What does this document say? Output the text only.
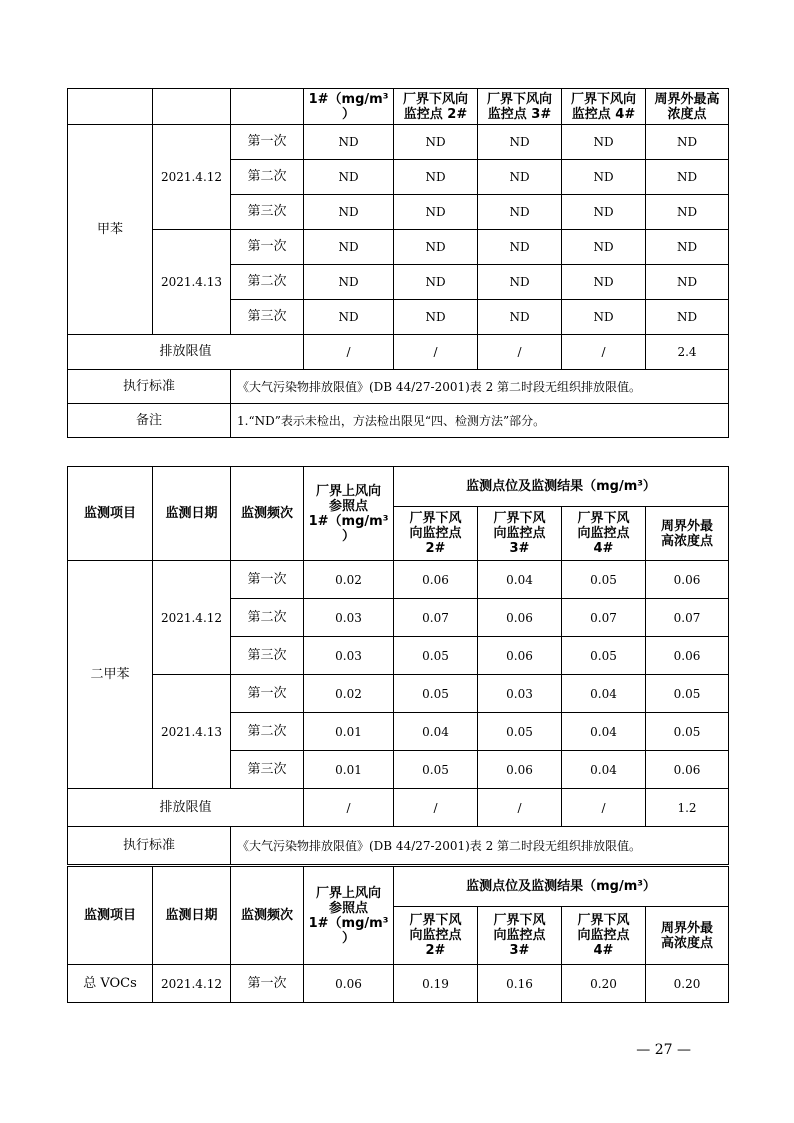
			1#（mg/m³
）	厂界下风向
监控点 2#	厂界下风向
监控点 3#	厂界下风向
监控点 4#	周界外最高
浓度点
甲苯	2021.4.12	第一次	ND	ND	ND	ND	ND
		第二次	ND	ND	ND	ND	ND
		第三次	ND	ND	ND	ND	ND
	2021.4.13	第一次	ND	ND	ND	ND	ND
		第二次	ND	ND	ND	ND	ND
		第三次	ND	ND	ND	ND	ND
排放限值			/	/	/	/	2.4
执行标准		《大气污染物排放限值》(DB 44/27-2001)表 2 第二时段无组织排放限值。					
备注		1.“ND”表示未检出，方法检出限见“四、检测方法”部分。					
监测项目	监测日期	监测频次	厂界上风向
参照点
1#（mg/m³
）	监测点位及监测结果（mg/m³）			
				厂界下风
向监控点
2#	厂界下风
向监控点
3#	厂界下风
向监控点
4#	周界外最
高浓度点
二甲苯	2021.4.12	第一次	0.02	0.06	0.04	0.05	0.06
		第二次	0.03	0.07	0.06	0.07	0.07
		第三次	0.03	0.05	0.06	0.05	0.06
	2021.4.13	第一次	0.02	0.05	0.03	0.04	0.05
		第二次	0.01	0.04	0.05	0.04	0.05
		第三次	0.01	0.05	0.06	0.04	0.06
排放限值			/	/	/	/	1.2
执行标准		《大气污染物排放限值》(DB 44/27-2001)表 2 第二时段无组织排放限值。					
监测项目	监测日期	监测频次	厂界上风向
参照点
1#（mg/m³
）	监测点位及监测结果（mg/m³）			
				厂界下风
向监控点
2#	厂界下风
向监控点
3#	厂界下风
向监控点
4#	周界外最
高浓度点
总 VOCs	2021.4.12	第一次	0.06	0.19	0.16	0.20	0.20
— 27 —
